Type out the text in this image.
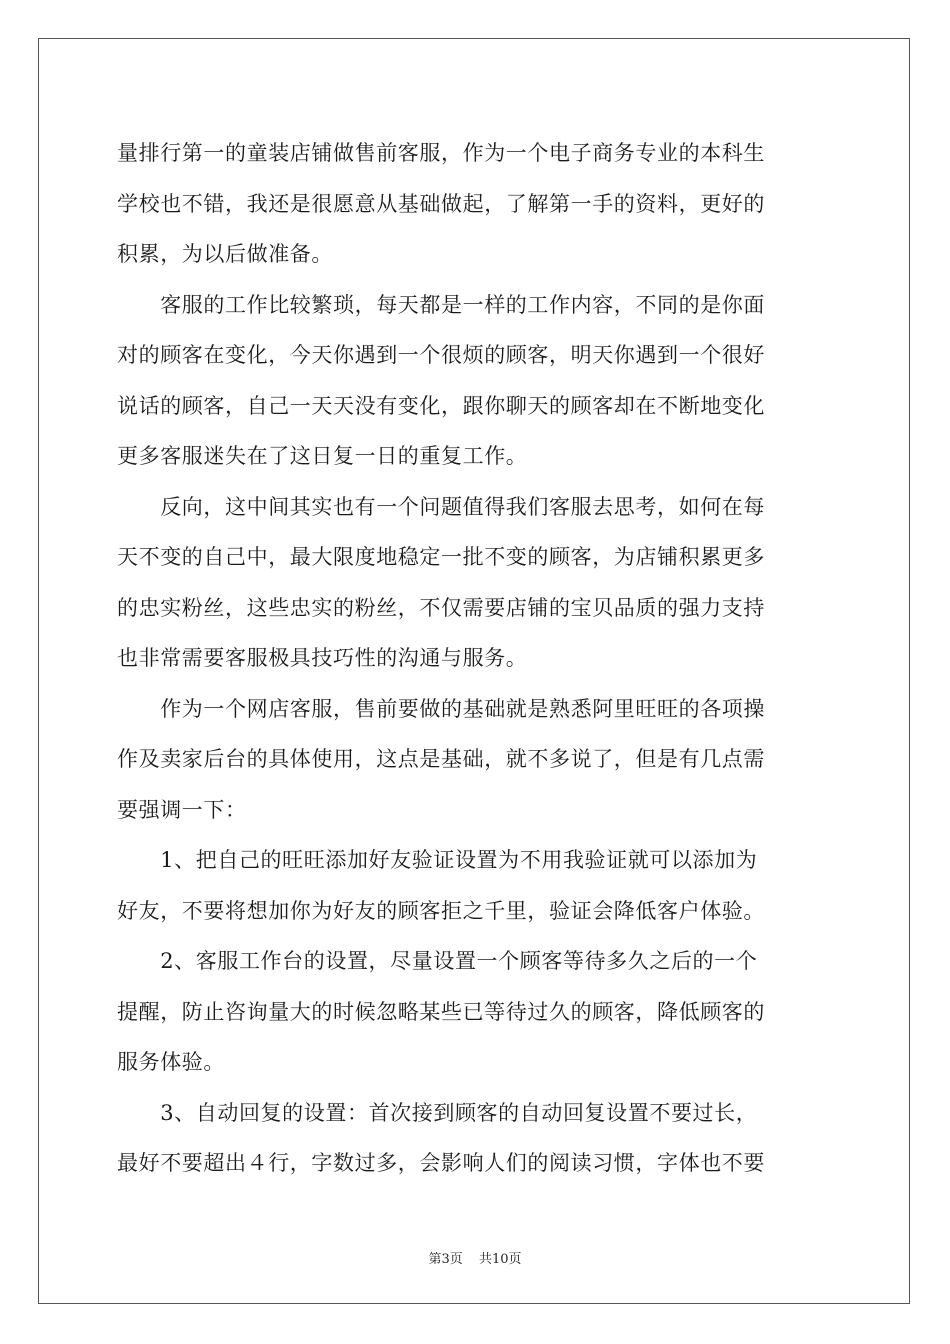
量排行第一的童装店铺做售前客服，作为一个电子商务专业的本科生
学校也不错，我还是很愿意从基础做起，了解第一手的资料，更好的
积累，为以后做准备。
　　客服的工作比较繁琐，每天都是一样的工作内容，不同的是你面
对的顾客在变化，今天你遇到一个很烦的顾客，明天你遇到一个很好
说话的顾客，自己一天天没有变化，跟你聊天的顾客却在不断地变化
更多客服迷失在了这日复一日的重复工作。
　　反向，这中间其实也有一个问题值得我们客服去思考，如何在每
天不变的自己中，最大限度地稳定一批不变的顾客，为店铺积累更多
的忠实粉丝，这些忠实的粉丝，不仅需要店铺的宝贝品质的强力支持
也非常需要客服极具技巧性的沟通与服务。
　　作为一个网店客服，售前要做的基础就是熟悉阿里旺旺的各项操
作及卖家后台的具体使用，这点是基础，就不多说了，但是有几点需
要强调一下：
　　1、把自己的旺旺添加好友验证设置为不用我验证就可以添加为
好友，不要将想加你为好友的顾客拒之千里，验证会降低客户体验。
　　2、客服工作台的设置，尽量设置一个顾客等待多久之后的一个
提醒，防止咨询量大的时候忽略某些已等待过久的顾客，降低顾客的
服务体验。
　　3、自动回复的设置：首次接到顾客的自动回复设置不要过长，
最好不要超出４行，字数过多，会影响人们的阅读习惯，字体也不要
第3页 共10页
